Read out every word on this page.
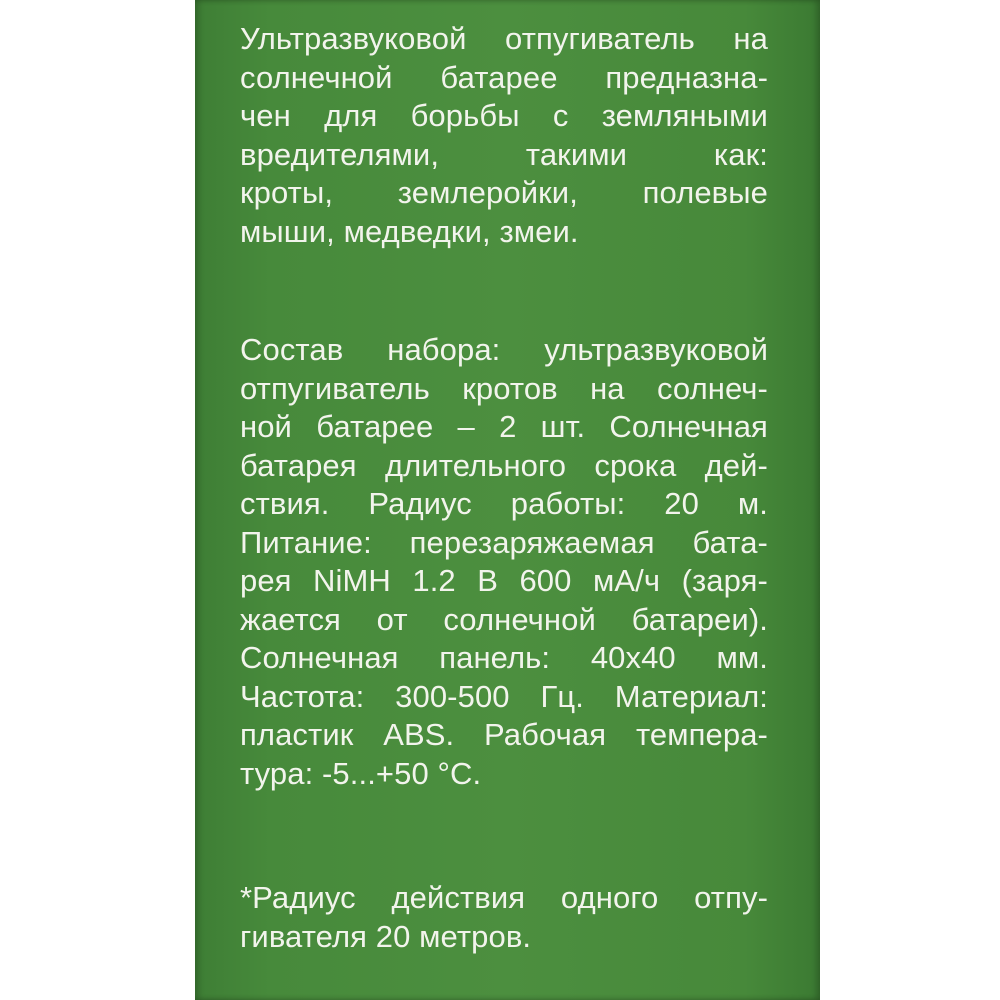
Ультразвуковой отпугиватель на
солнечной батарее предназна-
чен для борьбы с земляными
вредителями,	такими	как:
кроты, землеройки, полевые
мыши, медведки, змеи.
Состав набора: ультразвуковой
отпугиватель кротов на солнеч-
ной батарее – 2 шт. Солнечная
батарея длительного срока дей-
ствия. Радиус работы: 20 м.
Питание: перезаряжаемая бата-
рея NiMH 1.2 В 600 мА/ч (заря-
жается от солнечной батареи).
Солнечная панель: 40x40 мм.
Частота: 300-500 Гц. Материал:
пластик ABS. Рабочая темпера-
тура: -5...+50 °C.
*Радиус действия одного отпу-
гивателя 20 метров.
